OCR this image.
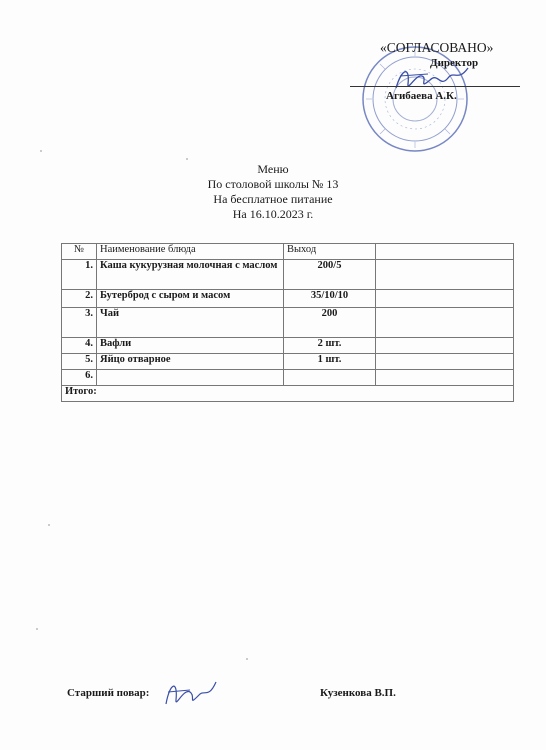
«СОГЛАСОВАНО»
Директор
Агибаева А.К.
Меню
По столовой школы № 13
На бесплатное питание
На 16.10.2023 г.
№	Наименование блюда	Выход	
1.	Каша кукурузная молочная с маслом	200/5	
2.	Бутерброд с сыром и масом	35/10/10	
3.	Чай	200	
4.	Вафли	2 шт.	
5.	Яйцо отварное	1 шт.	
6.			
Итого:			
Старший повар:	Кузенкова В.П.
